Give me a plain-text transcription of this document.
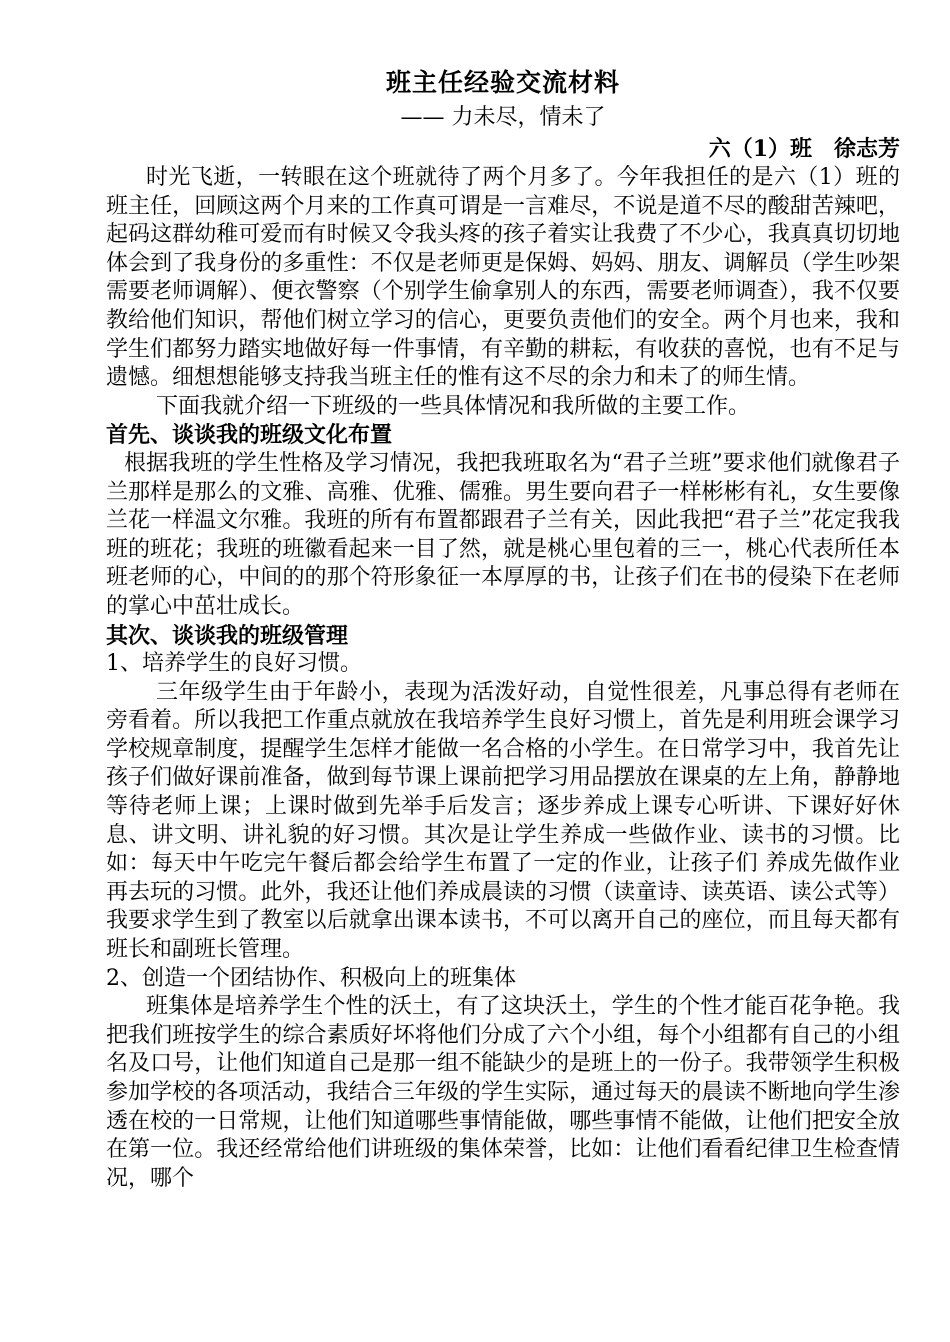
班主任经验交流材料
—— 力未尽，情未了
六（1）班　徐志芳

时光飞逝，一转眼在这个班就待了两个月多了。今年我担任的是六（1）班的班主任，回顾这两个月来的工作真可谓是一言难尽，不说是道不尽的酸甜苦辣吧，起码这群幼稚可爱而有时候又令我头疼的孩子着实让我费了不少心，我真真切切地体会到了我身份的多重性：不仅是老师更是保姆、妈妈、朋友、调解员（学生吵架需要老师调解）、便衣警察（个别学生偷拿别人的东西，需要老师调查），我不仅要教给他们知识，帮他们树立学习的信心，更要负责他们的安全。两个月也来，我和学生们都努力踏实地做好每一件事情，有辛勤的耕耘，有收获的喜悦，也有不足与遗憾。细想想能够支持我当班主任的惟有这不尽的余力和未了的师生情。

下面我就介绍一下班级的一些具体情况和我所做的主要工作。

首先、谈谈我的班级文化布置

根据我班的学生性格及学习情况，我把我班取名为“君子兰班”要求他们就像君子兰那样是那么的文雅、高雅、优雅、儒雅。男生要向君子一样彬彬有礼，女生要像兰花一样温文尔雅。我班的所有布置都跟君子兰有关，因此我把“君子兰”花定我我班的班花；我班的班徽看起来一目了然，就是桃心里包着的三一，桃心代表所任本班老师的心，中间的的那个符形象征一本厚厚的书，让孩子们在书的侵染下在老师的掌心中茁壮成长。

其次、谈谈我的班级管理
1、培养学生的良好习惯。

三年级学生由于年龄小，表现为活泼好动，自觉性很差，凡事总得有老师在旁看着。所以我把工作重点就放在我培养学生良好习惯上，首先是利用班会课学习学校规章制度，提醒学生怎样才能做一名合格的小学生。在日常学习中，我首先让孩子们做好课前准备，做到每节课上课前把学习用品摆放在课桌的左上角，静静地等待老师上课；上课时做到先举手后发言；逐步养成上课专心听讲、下课好好休息、讲文明、讲礼貌的好习惯。其次是让学生养成一些做作业、读书的习惯。比如：每天中午吃完午餐后都会给学生布置了一定的作业，让孩子们 养成先做作业再去玩的习惯。此外，我还让他们养成晨读的习惯（读童诗、读英语、读公式等）我要求学生到了教室以后就拿出课本读书，不可以离开自己的座位，而且每天都有班长和副班长管理。

2、创造一个团结协作、积极向上的班集体

班集体是培养学生个性的沃土，有了这块沃土，学生的个性才能百花争艳。我把我们班按学生的综合素质好坏将他们分成了六个小组，每个小组都有自己的小组名及口号，让他们知道自己是那一组不能缺少的是班上的一份子。我带领学生积极参加学校的各项活动，我结合三年级的学生实际，通过每天的晨读不断地向学生渗透在校的一日常规，让他们知道哪些事情能做，哪些事情不能做，让他们把安全放在第一位。我还经常给他们讲班级的集体荣誉，比如：让他们看看纪律卫生检查情况，哪个
